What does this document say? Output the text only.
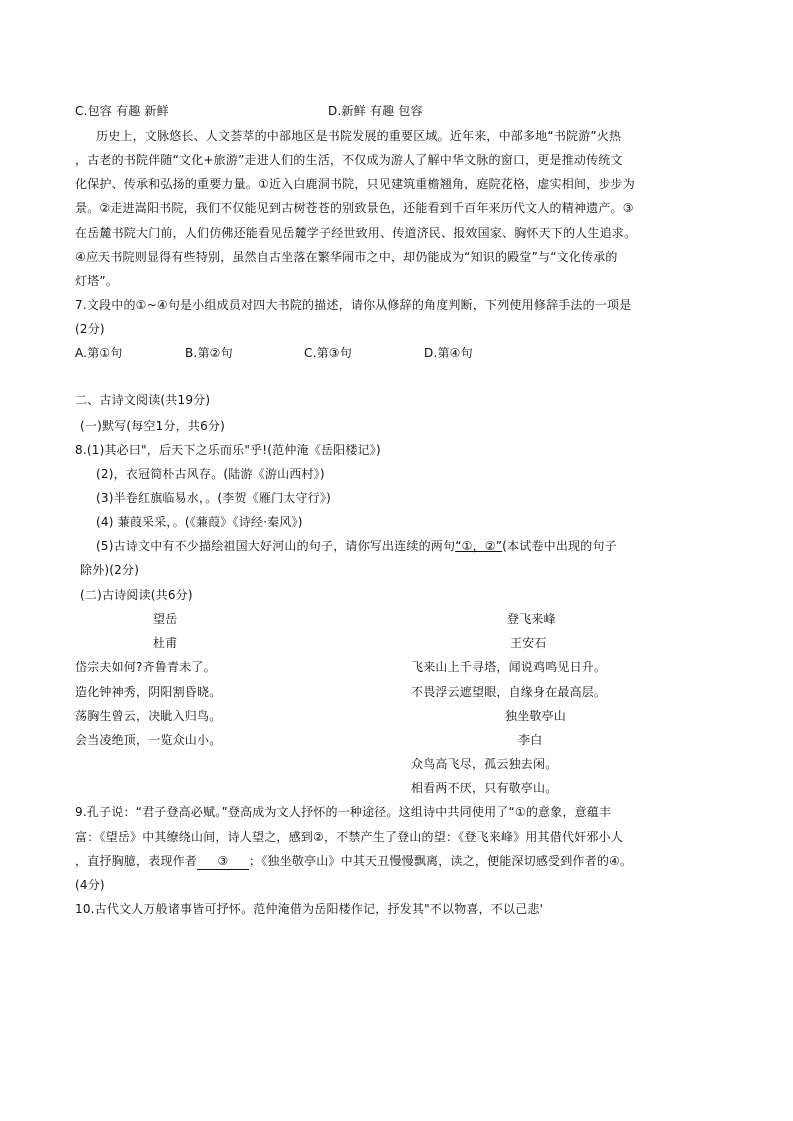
C.包容 有趣 新鲜	D.新鲜 有趣 包容
历史上，文脉悠长、人文荟萃的中部地区是书院发展的重要区域。近年来，中部多地“书院游”火热
，古老的书院伴随“文化+旅游”走进人们的生活，不仅成为游人了解中华文脉的窗口，更是推动传统文
化保护、传承和弘扬的重要力量。①近入白鹿洞书院，只见建筑重檐翘角，庭院花格，虚实相间，步步为
景。②走进嵩阳书院，我们不仅能见到古树苍苍的别致景色，还能看到千百年来历代文人的精神遗产。③
在岳麓书院大门前，人们仿佛还能看见岳麓学子经世致用、传道济民、报效国家、胸怀天下的人生追求。
④应天书院则显得有些特别，虽然自古坐落在繁华闹市之中，却仍能成为“知识的殿堂”与“文化传承的
灯塔”。
7.文段中的①~④句是小组成员对四大书院的描述，请你从修辞的角度判断，下列使用修辞手法的一项是
(2分)
A.第①句	B.第②句	C.第③句	D.第④句
二、古诗文阅读(共19分)
(一)默写(每空1分，共6分)
8.(1)其必曰"，后天下之乐而乐"乎!(范仲淹《岳阳楼记》)
(2)，衣冠简朴古风存。(陆游《游山西村》)
(3)半卷红旗临易水，。(李贺《雁门太守行》)
(4) 蒹葭采采，。(《蒹葭》《诗经·秦风》)
(5)古诗文中有不少描绘祖国大好河山的句子，请你写出连续的两句“①，②”(本试卷中出现的句子
除外)(2分)
(二)古诗阅读(共6分)
望岳
杜甫
岱宗夫如何?齐鲁青未了。
造化钟神秀，阴阳割昏晓。
荡胸生曾云，决眦入归鸟。
会当凌绝顶，一览众山小。
登飞来峰
王安石
飞来山上千寻塔，闻说鸡鸣见日升。
不畏浮云遮望眼，自缘身在最高层。
独坐敬亭山
李白
众鸟高飞尽，孤云独去闲。
相看两不厌，只有敬亭山。
9.孔子说：“君子登高必赋。”登高成为文人抒怀的一种途径。这组诗中共同使用了“①的意象，意蕴丰
富：《望岳》中其缭绕山间，诗人望之，感到②，不禁产生了登山的望：《登飞来峰》用其借代奸邪小人
，直抒胸臆，表现作者 ③ ；《独坐敬亭山》中其天丑慢慢飘离，读之，便能深切感受到作者的④。
(4分)
10.古代文人万般诸事皆可抒怀。范仲淹借为岳阳楼作记，抒发其"不以物喜，不以己悲'
